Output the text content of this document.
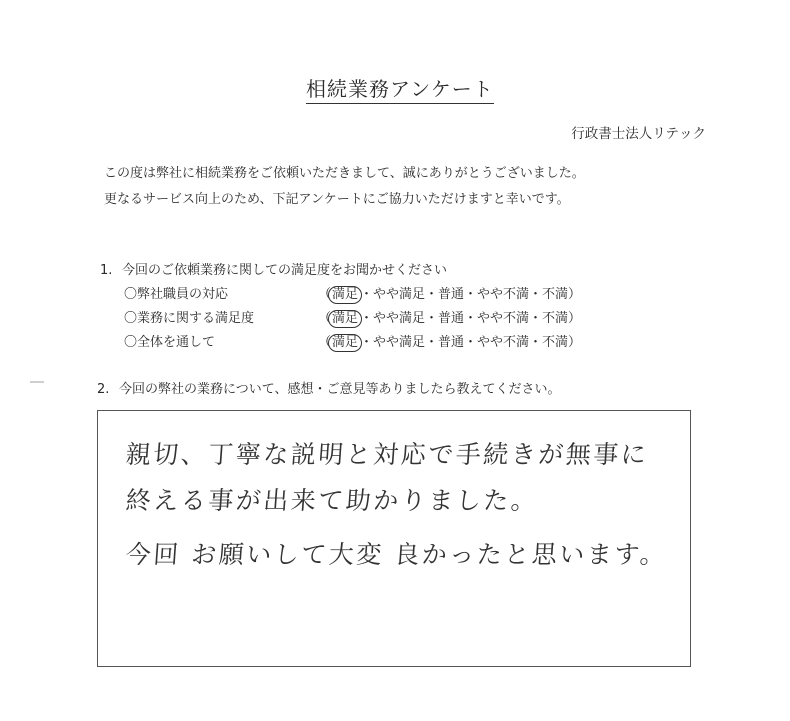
相続業務アンケート
行政書士法人リテック
この度は弊社に相続業務をご依頼いただきまして、誠にありがとうございました。
更なるサービス向上のため、下記アンケートにご協力いただけますと幸いです。
1. 今回のご依頼業務に関しての満足度をお聞かせください
〇弊社職員の対応	（満足 ・やや満足・普通・やや不満・不満）
〇業務に関する満足度	（満足 ・やや満足・普通・やや不満・不満）
〇全体を通して	（満足 ・やや満足・普通・やや不満・不満）
2. 今回の弊社の業務について、感想・ご意見等ありましたら教えてください。
親切、丁寧な説明と対応で手続きが無事に
終える事が出来て助かりました。
今回 お願いして大変 良かったと思います。
